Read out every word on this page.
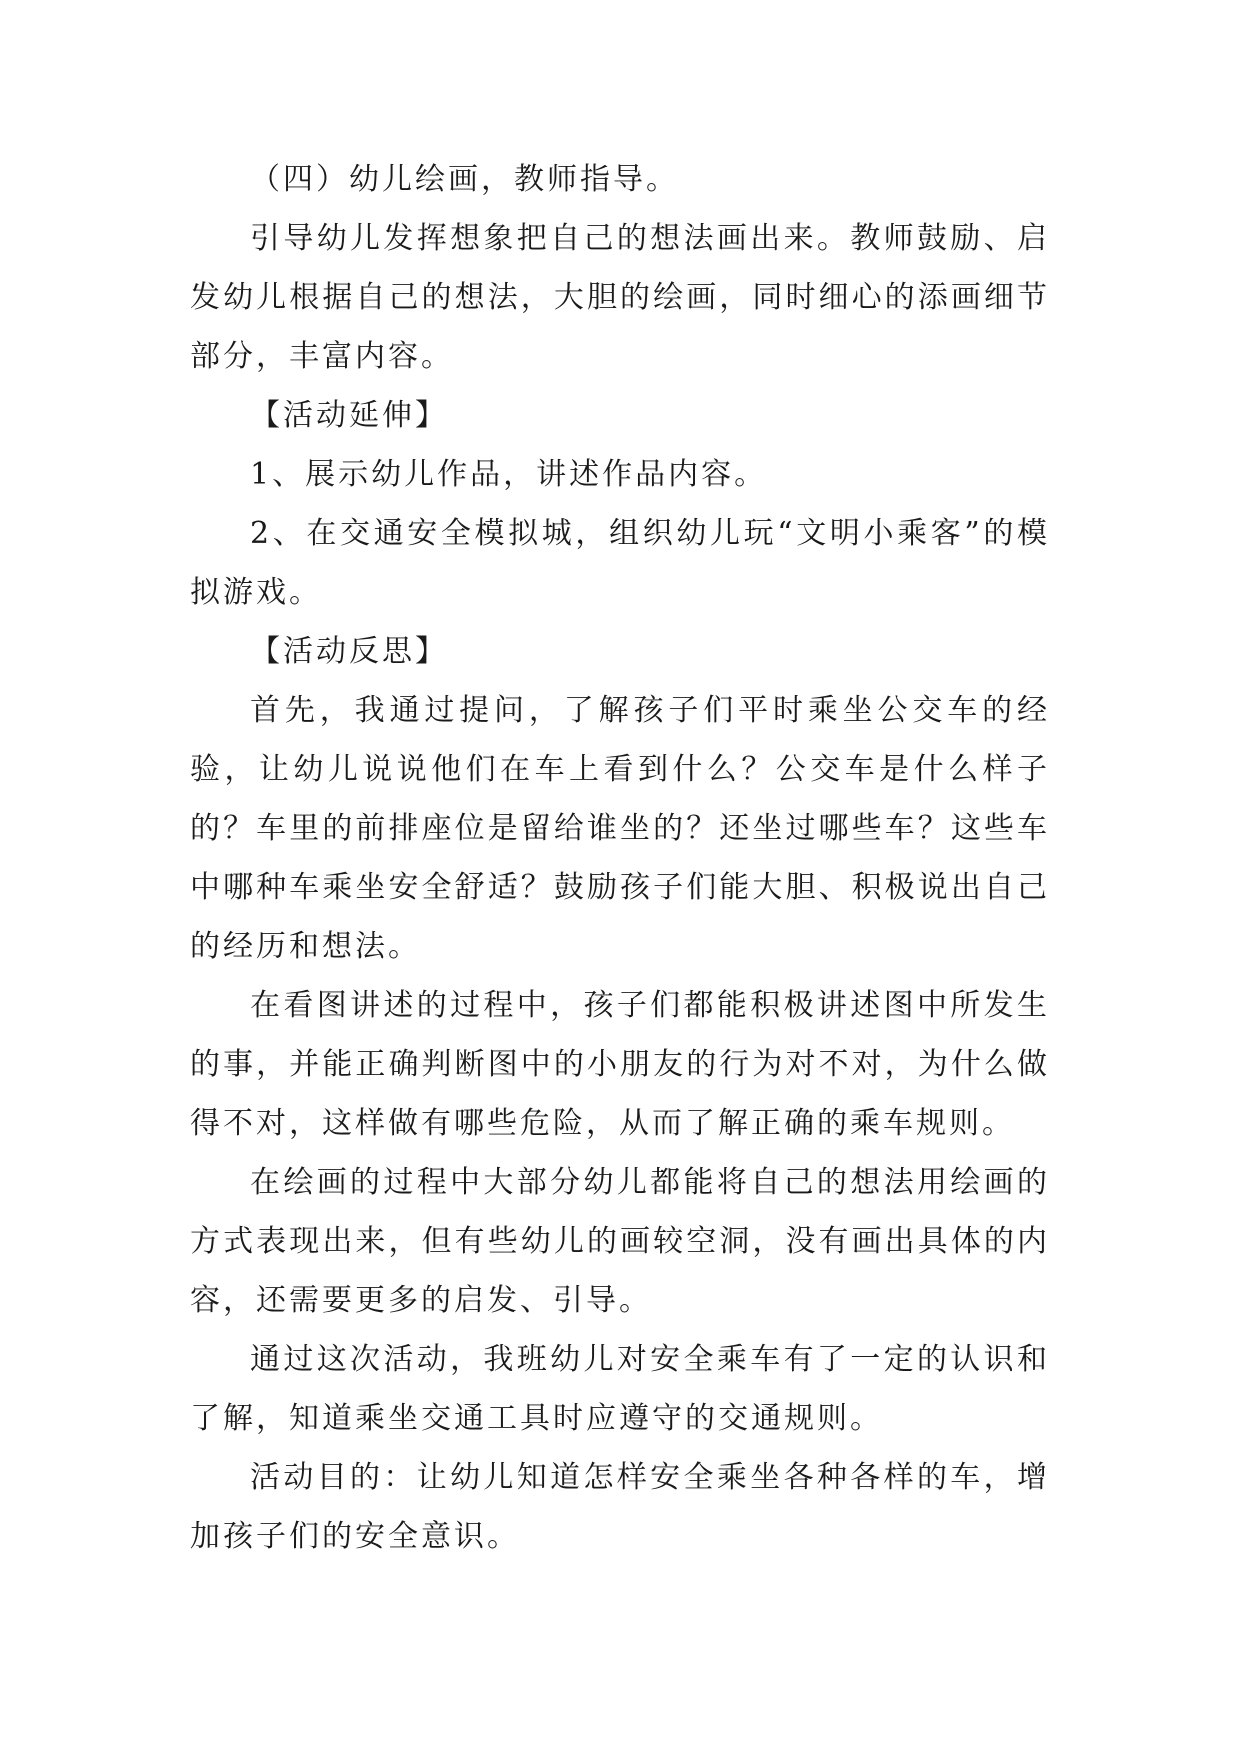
（四）幼儿绘画，教师指导。

引导幼儿发挥想象把自己的想法画出来。教师鼓励、启发幼儿根据自己的想法，大胆的绘画，同时细心的添画细节部分，丰富内容。

【活动延伸】

1、展示幼儿作品，讲述作品内容。

2、在交通安全模拟城，组织幼儿玩“文明小乘客”的模拟游戏。

【活动反思】

首先，我通过提问，了解孩子们平时乘坐公交车的经验，让幼儿说说他们在车上看到什么？公交车是什么样子的？车里的前排座位是留给谁坐的？还坐过哪些车？这些车中哪种车乘坐安全舒适？鼓励孩子们能大胆、积极说出自己的经历和想法。

在看图讲述的过程中，孩子们都能积极讲述图中所发生的事，并能正确判断图中的小朋友的行为对不对，为什么做得不对，这样做有哪些危险，从而了解正确的乘车规则。

在绘画的过程中大部分幼儿都能将自己的想法用绘画的方式表现出来，但有些幼儿的画较空洞，没有画出具体的内容，还需要更多的启发、引导。

通过这次活动，我班幼儿对安全乘车有了一定的认识和了解，知道乘坐交通工具时应遵守的交通规则。

活动目的：让幼儿知道怎样安全乘坐各种各样的车，增加孩子们的安全意识。
